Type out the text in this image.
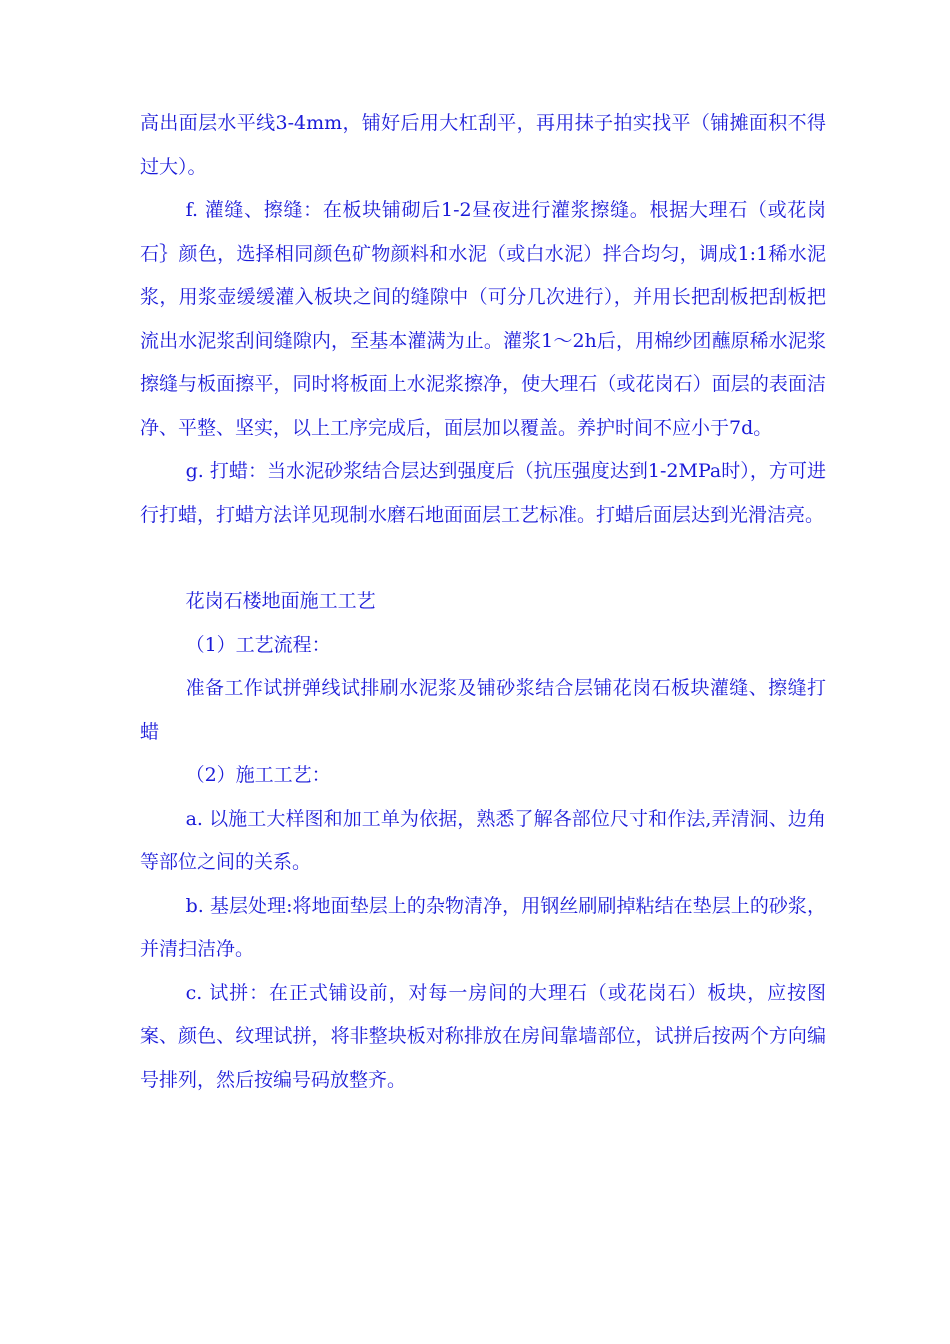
高出面层水平线3-4mm，铺好后用大杠刮平，再用抹子拍实找平（铺摊面积不得过大）。

f. 灌缝、擦缝：在板块铺砌后1-2昼夜进行灌浆擦缝。根据大理石（或花岗石｝颜色，选择相同颜色矿物颜料和水泥（或白水泥）拌合均匀，调成1:1稀水泥浆，用浆壶缓缓灌入板块之间的缝隙中（可分几次进行），并用长把刮板把刮板把流出水泥浆刮间缝隙内，至基本灌满为止。灌浆1～2h后，用棉纱团蘸原稀水泥浆擦缝与板面擦平，同时将板面上水泥浆擦净，使大理石（或花岗石）面层的表面洁净、平整、坚实，以上工序完成后，面层加以覆盖。养护时间不应小于7d。

g. 打蜡：当水泥砂浆结合层达到强度后（抗压强度达到1-2MPa时），方可进行打蜡，打蜡方法详见现制水磨石地面面层工艺标准。打蜡后面层达到光滑洁亮。

花岗石楼地面施工工艺

（1）工艺流程：

准备工作试拼弹线试排刷水泥浆及铺砂浆结合层铺花岗石板块灌缝、擦缝打蜡

（2）施工工艺：

a. 以施工大样图和加工单为依据，熟悉了解各部位尺寸和作法,弄清洞、边角等部位之间的关系。

b. 基层处理:将地面垫层上的杂物清净，用钢丝刷刷掉粘结在垫层上的砂浆，并清扫洁净。

c. 试拼：在正式铺设前，对每一房间的大理石（或花岗石）板块，应按图案、颜色、纹理试拼，将非整块板对称排放在房间靠墙部位，试拼后按两个方向编号排列，然后按编号码放整齐。
